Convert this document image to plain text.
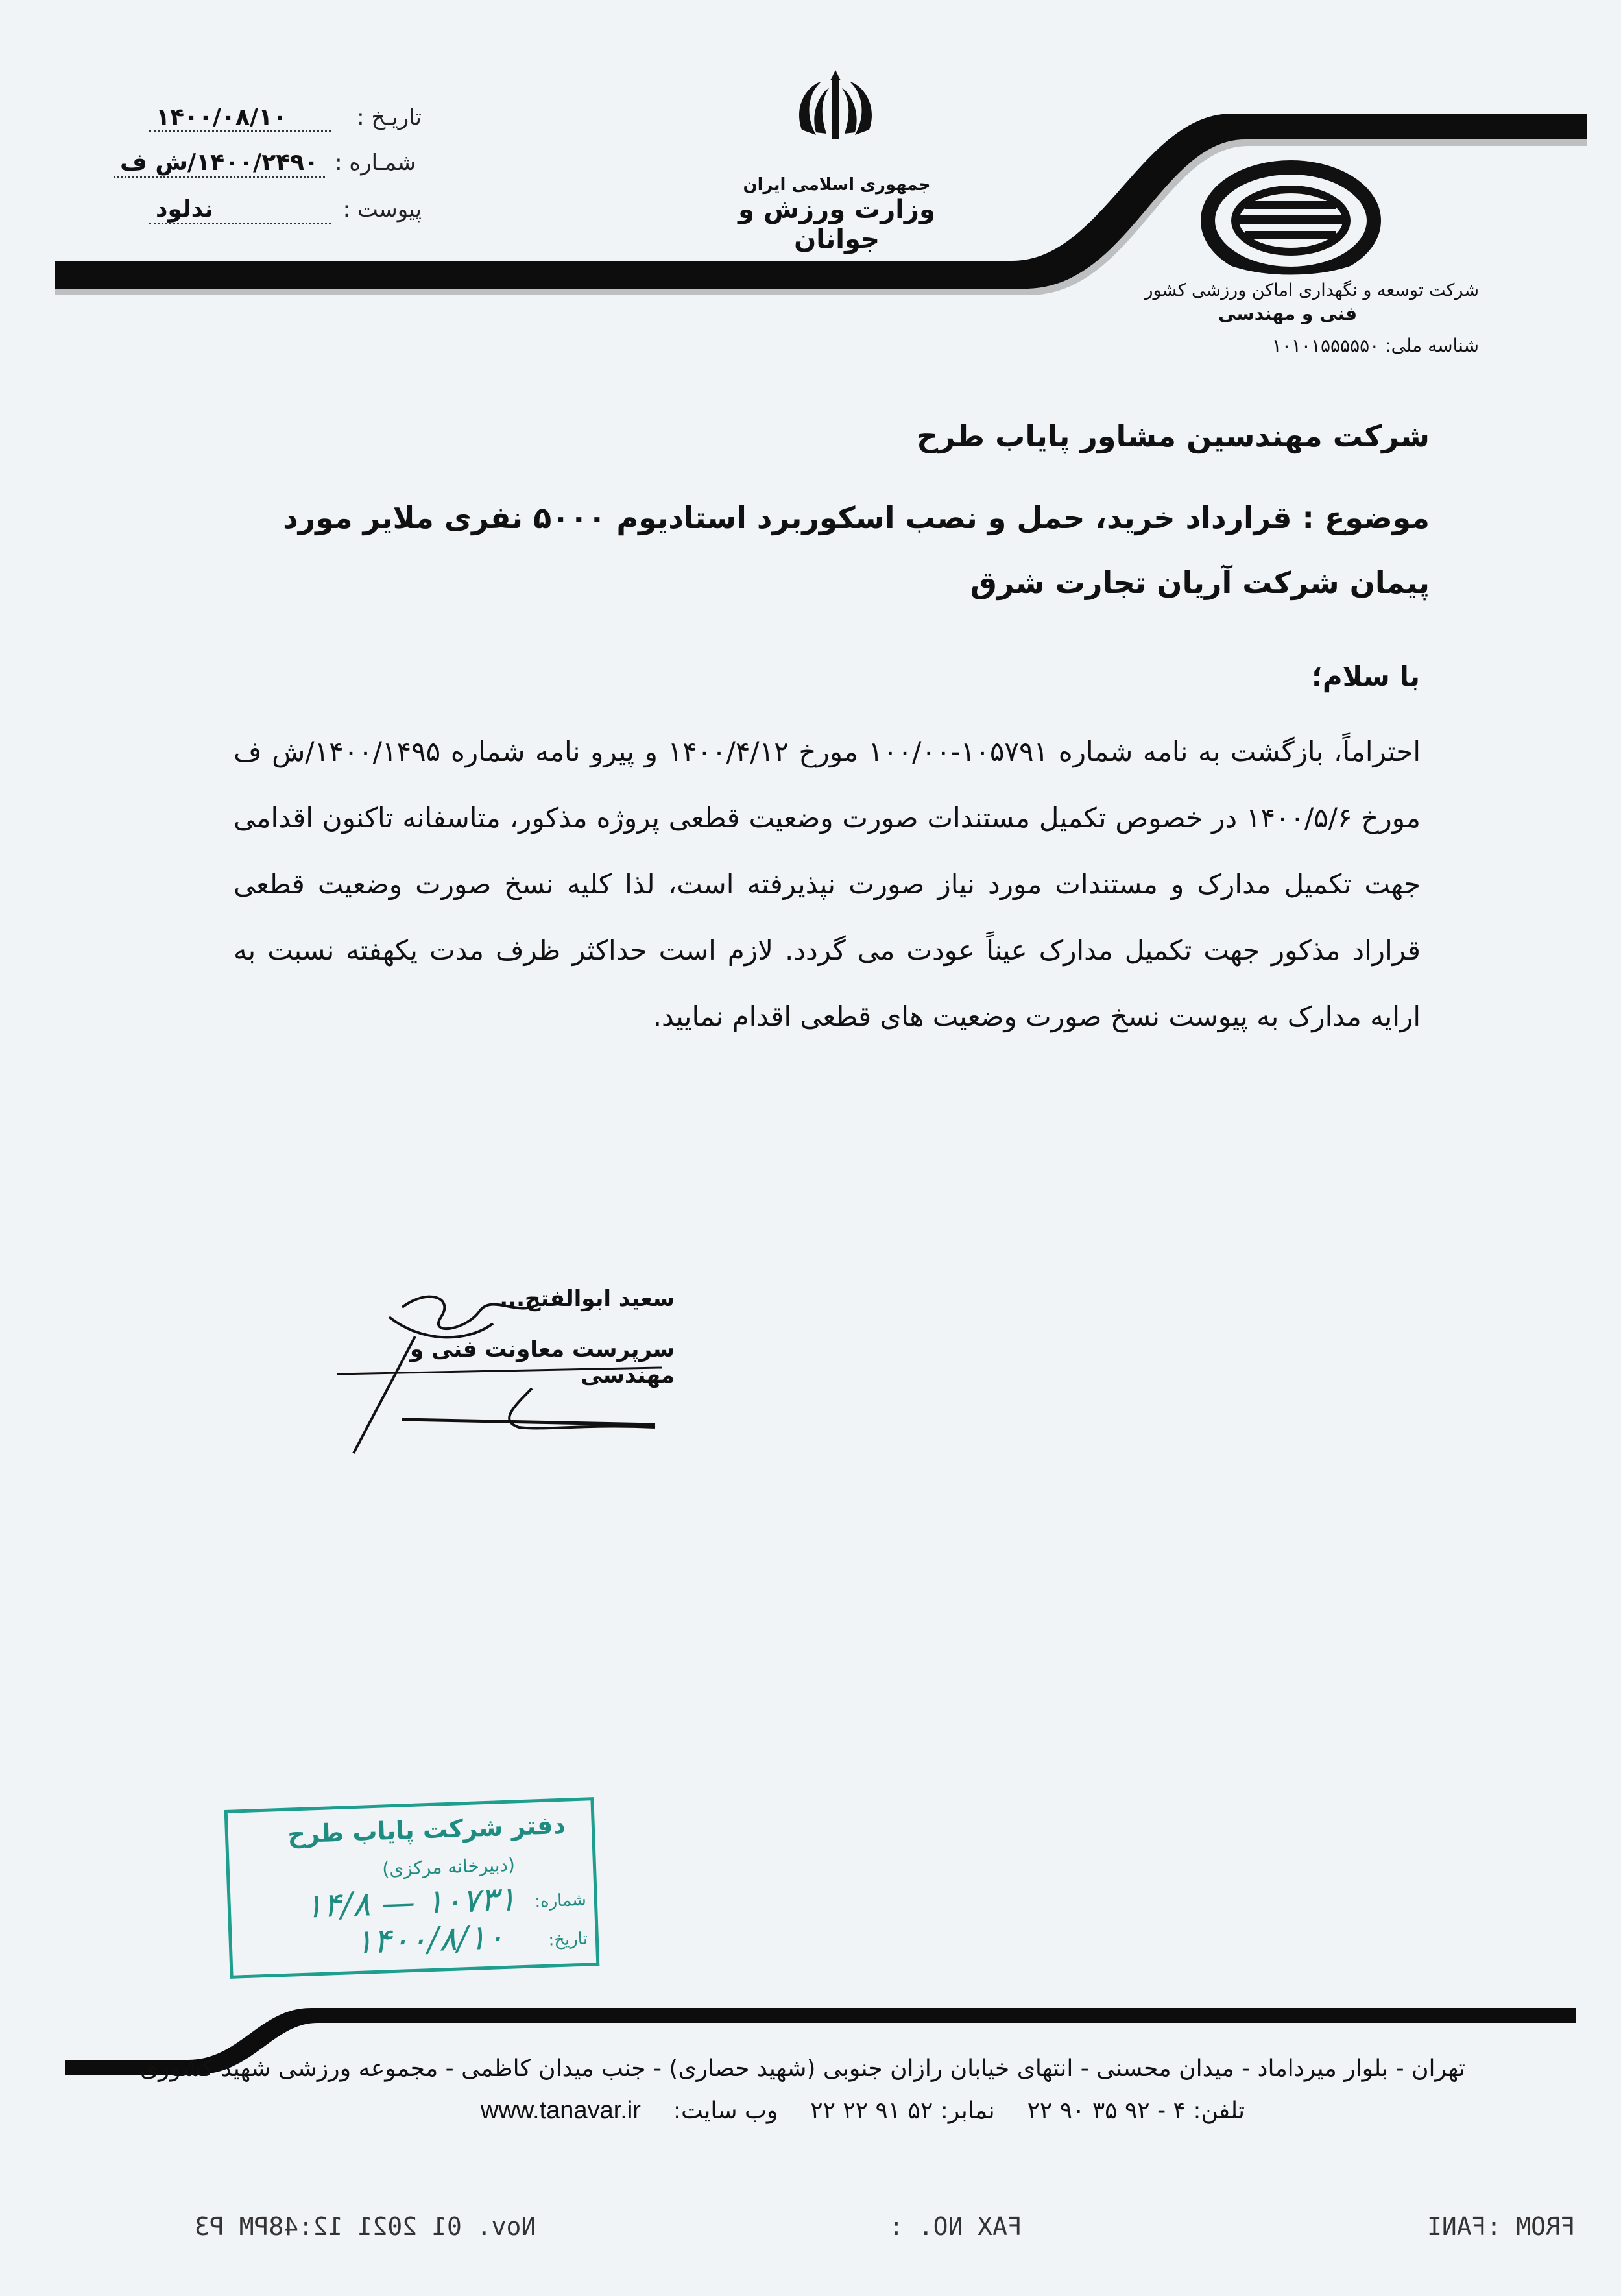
تاریـخ :
۱۴۰۰/۰۸/۱۰
شمـاره :
۱۴۰۰/۲۴۹۰/ش ف
پیوست :
ندلود
جمهوری اسلامی ایران
وزارت ورزش و جوانان
شرکت توسعه و نگهداری اماکن ورزشی کشور
فنی و مهندسی
شناسه ملی: ۱۰۱۰۱۵۵۵۵۵۰
شرکت مهندسین مشاور پایاب طرح
موضوع : قرارداد خرید، حمل و نصب اسکوربرد استادیوم ۵۰۰۰ نفری ملایر مورد پیمان شرکت آریان تجارت شرق
با سلام؛
احتراماً، بازگشت به نامه شماره ۱۰۵۷۹۱-۱۰۰/۰۰ مورخ ۱۴۰۰/۴/۱۲ و پیرو نامه شماره ۱۴۰۰/۱۴۹۵/ش ف مورخ ۱۴۰۰/۵/۶ در خصوص تکمیل مستندات صورت وضعیت قطعی پروژه مذکور، متاسفانه تاکنون اقدامی جهت تکمیل مدارک و مستندات مورد نیاز صورت نپذیرفته است، لذا کلیه نسخ صورت وضعیت قطعی قراراد مذکور جهت تکمیل مدارک عیناً عودت می گردد. لازم است حداکثر ظرف مدت یکهفته نسبت به ارایه مدارک به پیوست نسخ صورت وضعیت های قطعی اقدام نمایید.
سعید ابوالفتح...
سرپرست معاونت فنی و مهندسی
دفتر شرکت پایاب طرح
(دبیرخانه مرکزی)
شماره:
۱۰۷۳۱ — ۱۴/۸
تاریخ:
۱۴۰۰/۸/۱۰
تهران - بلوار میرداماد - میدان محسنی - انتهای خیابان رازان جنوبی (شهید حصاری) - جنب میدان کاظمی - مجموعه ورزشی شهید کشوری
تلفن: ۴ - ۹۲ ۳۵ ۹۰ ۲۲
نمابر: ۵۲ ۹۱ ۲۲ ۲۲
وب سایت:
www.tanavar.ir
FROM :FANI
FAX NO. :
Nov. 01 2021 12:48PM P3
